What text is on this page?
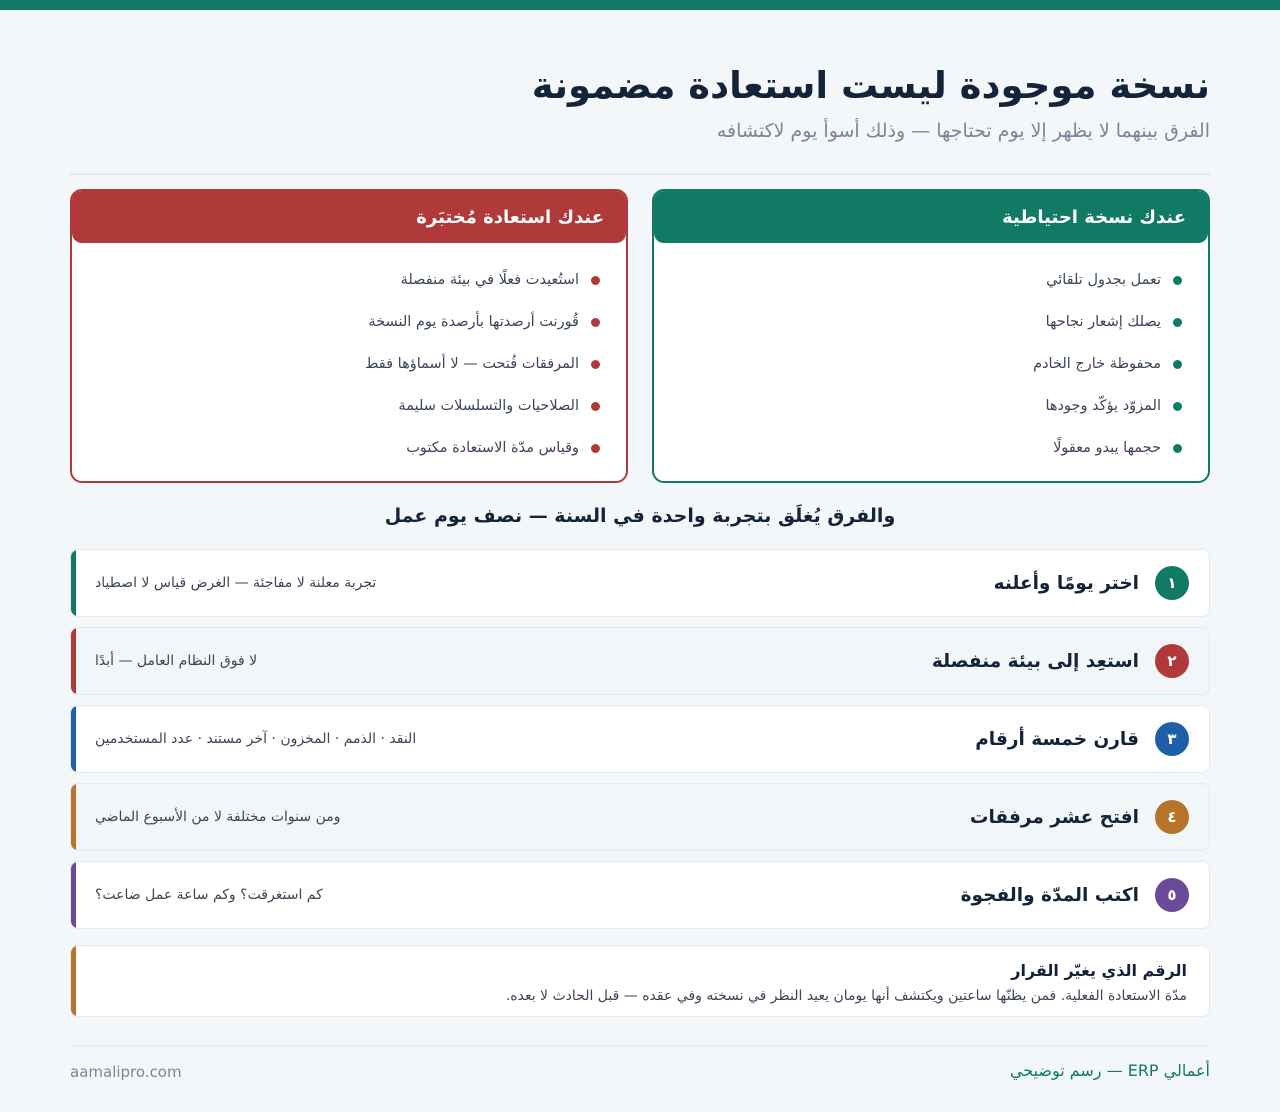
نسخة موجودة ليست استعادة مضمونة

الفرق بينهما لا يظهر إلا يوم تحتاجها — وذلك أسوأ يوم لاكتشافه

عندك نسخة احتياطية
تعمل بجدول تلقائي
يصلك إشعار نجاحها
محفوظة خارج الخادم
المزوّد يؤكّد وجودها
حجمها يبدو معقولًا
عندك استعادة مُختبَرة
استُعيدت فعلًا في بيئة منفصلة
قُورنت أرصدتها بأرصدة يوم النسخة
المرفقات فُتحت — لا أسماؤها فقط
الصلاحيات والتسلسلات سليمة
وقياس مدّة الاستعادة مكتوب
والفرق يُغلَق بتجربة واحدة في السنة — نصف يوم عمل
١
اختر يومًا وأعلنه
تجربة معلنة لا مفاجئة — الغرض قياس لا اصطياد
٢
استعِد إلى بيئة منفصلة
لا فوق النظام العامل — أبدًا
٣
قارن خمسة أرقام
النقد · الذمم · المخزون · آخر مستند · عدد المستخدمين
٤
افتح عشر مرفقات
ومن سنوات مختلفة لا من الأسبوع الماضي
٥
اكتب المدّة والفجوة
كم استغرقت؟ وكم ساعة عمل ضاعت؟
الرقم الذي يغيّر القرار
مدّة الاستعادة الفعلية. فمن يظنّها ساعتين ويكتشف أنها يومان يعيد النظر في نسخته وفي عقده — قبل الحادث لا بعده.
أعمالي ERP — رسم توضيحي
aamalipro.com
